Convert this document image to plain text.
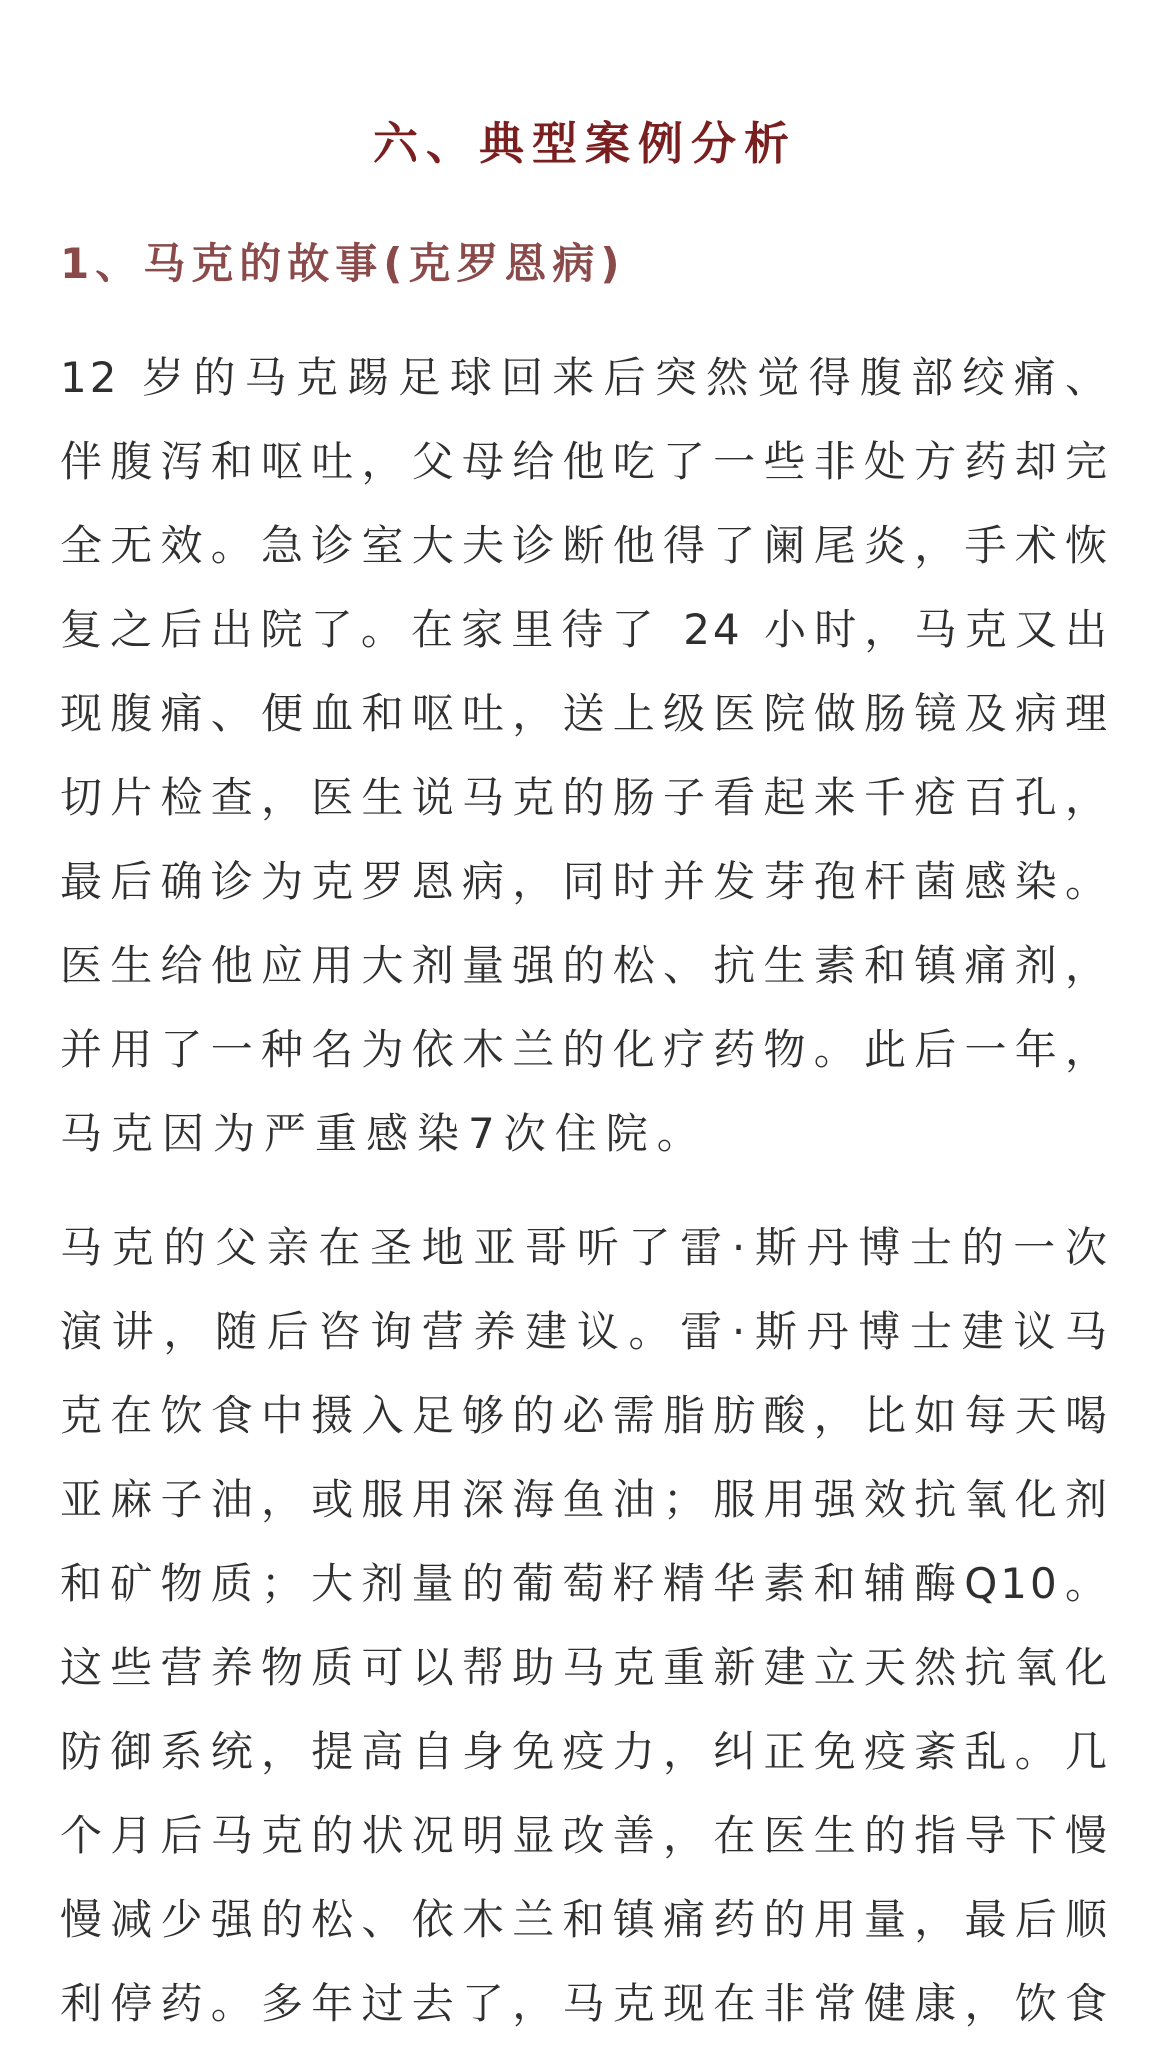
六、典型案例分析
1、马克的故事(克罗恩病)
12 岁的马克踢足球回来后突然觉得腹部绞痛、
伴腹泻和呕吐，父母给他吃了一些非处方药却完
全无效。急诊室大夫诊断他得了阑尾炎，手术恢
复之后出院了。在家里待了 24 小时，马克又出
现腹痛、便血和呕吐，送上级医院做肠镜及病理
切片检查，医生说马克的肠子看起来千疮百孔，
最后确诊为克罗恩病，同时并发芽孢杆菌感染。
医生给他应用大剂量强的松、抗生素和镇痛剂，
并用了一种名为依木兰的化疗药物。此后一年，
马克因为严重感染7次住院。
马克的父亲在圣地亚哥听了雷·斯丹博士的一次
演讲，随后咨询营养建议。雷·斯丹博士建议马
克在饮食中摄入足够的必需脂肪酸，比如每天喝
亚麻子油，或服用深海鱼油；服用强效抗氧化剂
和矿物质；大剂量的葡萄籽精华素和辅酶Q10。
这些营养物质可以帮助马克重新建立天然抗氧化
防御系统，提高自身免疫力，纠正免疫紊乱。几
个月后马克的状况明显改善，在医生的指导下慢
慢减少强的松、依木兰和镇痛药的用量，最后顺
利停药。多年过去了，马克现在非常健康，饮食
